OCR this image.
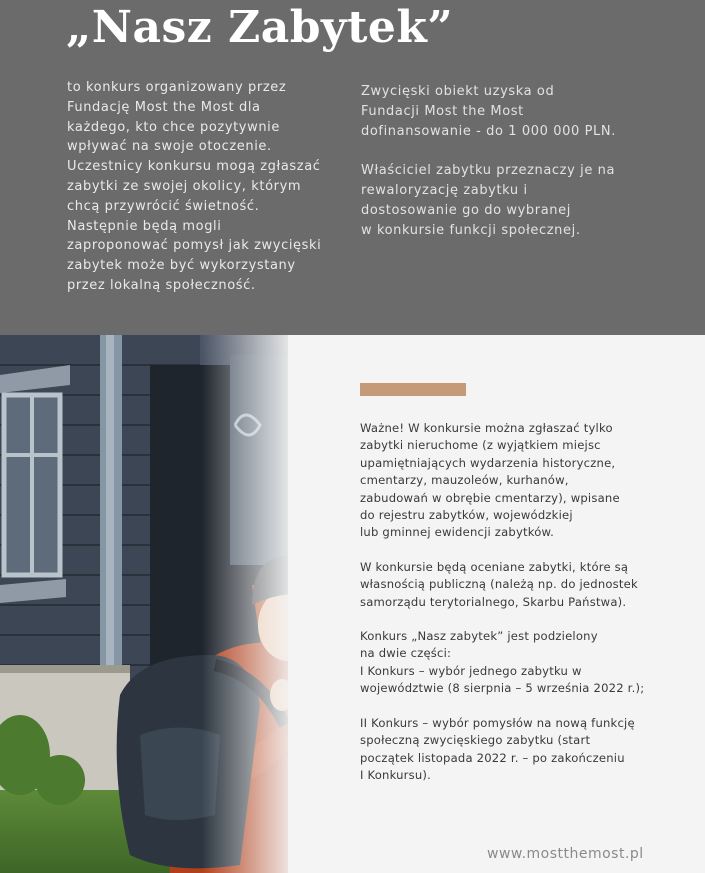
„Nasz Zabytek”
to konkurs organizowany przez
Fundację Most the Most dla
każdego, kto chce pozytywnie
wpływać na swoje otoczenie.
Uczestnicy konkursu mogą zgłaszać
zabytki ze swojej okolicy, którym
chcą przywrócić świetność.
Następnie będą mogli
zaproponować pomysł jak zwycięski
zabytek może być wykorzystany
przez lokalną społeczność.

Zwycięski obiekt uzyska od
Fundacji Most the Most
dofinansowanie - do 1 000 000 PLN.

Właściciel zabytku przeznaczy je na
rewaloryzację zabytku i
dostosowanie go do wybranej
w konkursie funkcji społecznej.

Ważne! W konkursie można zgłaszać tylko
zabytki nieruchome (z wyjątkiem miejsc
upamiętniających wydarzenia historyczne,
cmentarzy, mauzoleów, kurhanów,
zabudowań w obrębie cmentarzy), wpisane
do rejestru zabytków, wojewódzkiej
lub gminnej ewidencji zabytków.

W konkursie będą oceniane zabytki, które są
własnością publiczną (należą np. do jednostek
samorządu terytorialnego, Skarbu Państwa).

Konkurs „Nasz zabytek” jest podzielony
na dwie części:
I Konkurs – wybór jednego zabytku w
województwie (8 sierpnia – 5 września 2022 r.);

II Konkurs – wybór pomysłów na nową funkcję
społeczną zwycięskiego zabytku (start
początek listopada 2022 r. – po zakończeniu
I Konkursu).

www.mostthemost.pl
